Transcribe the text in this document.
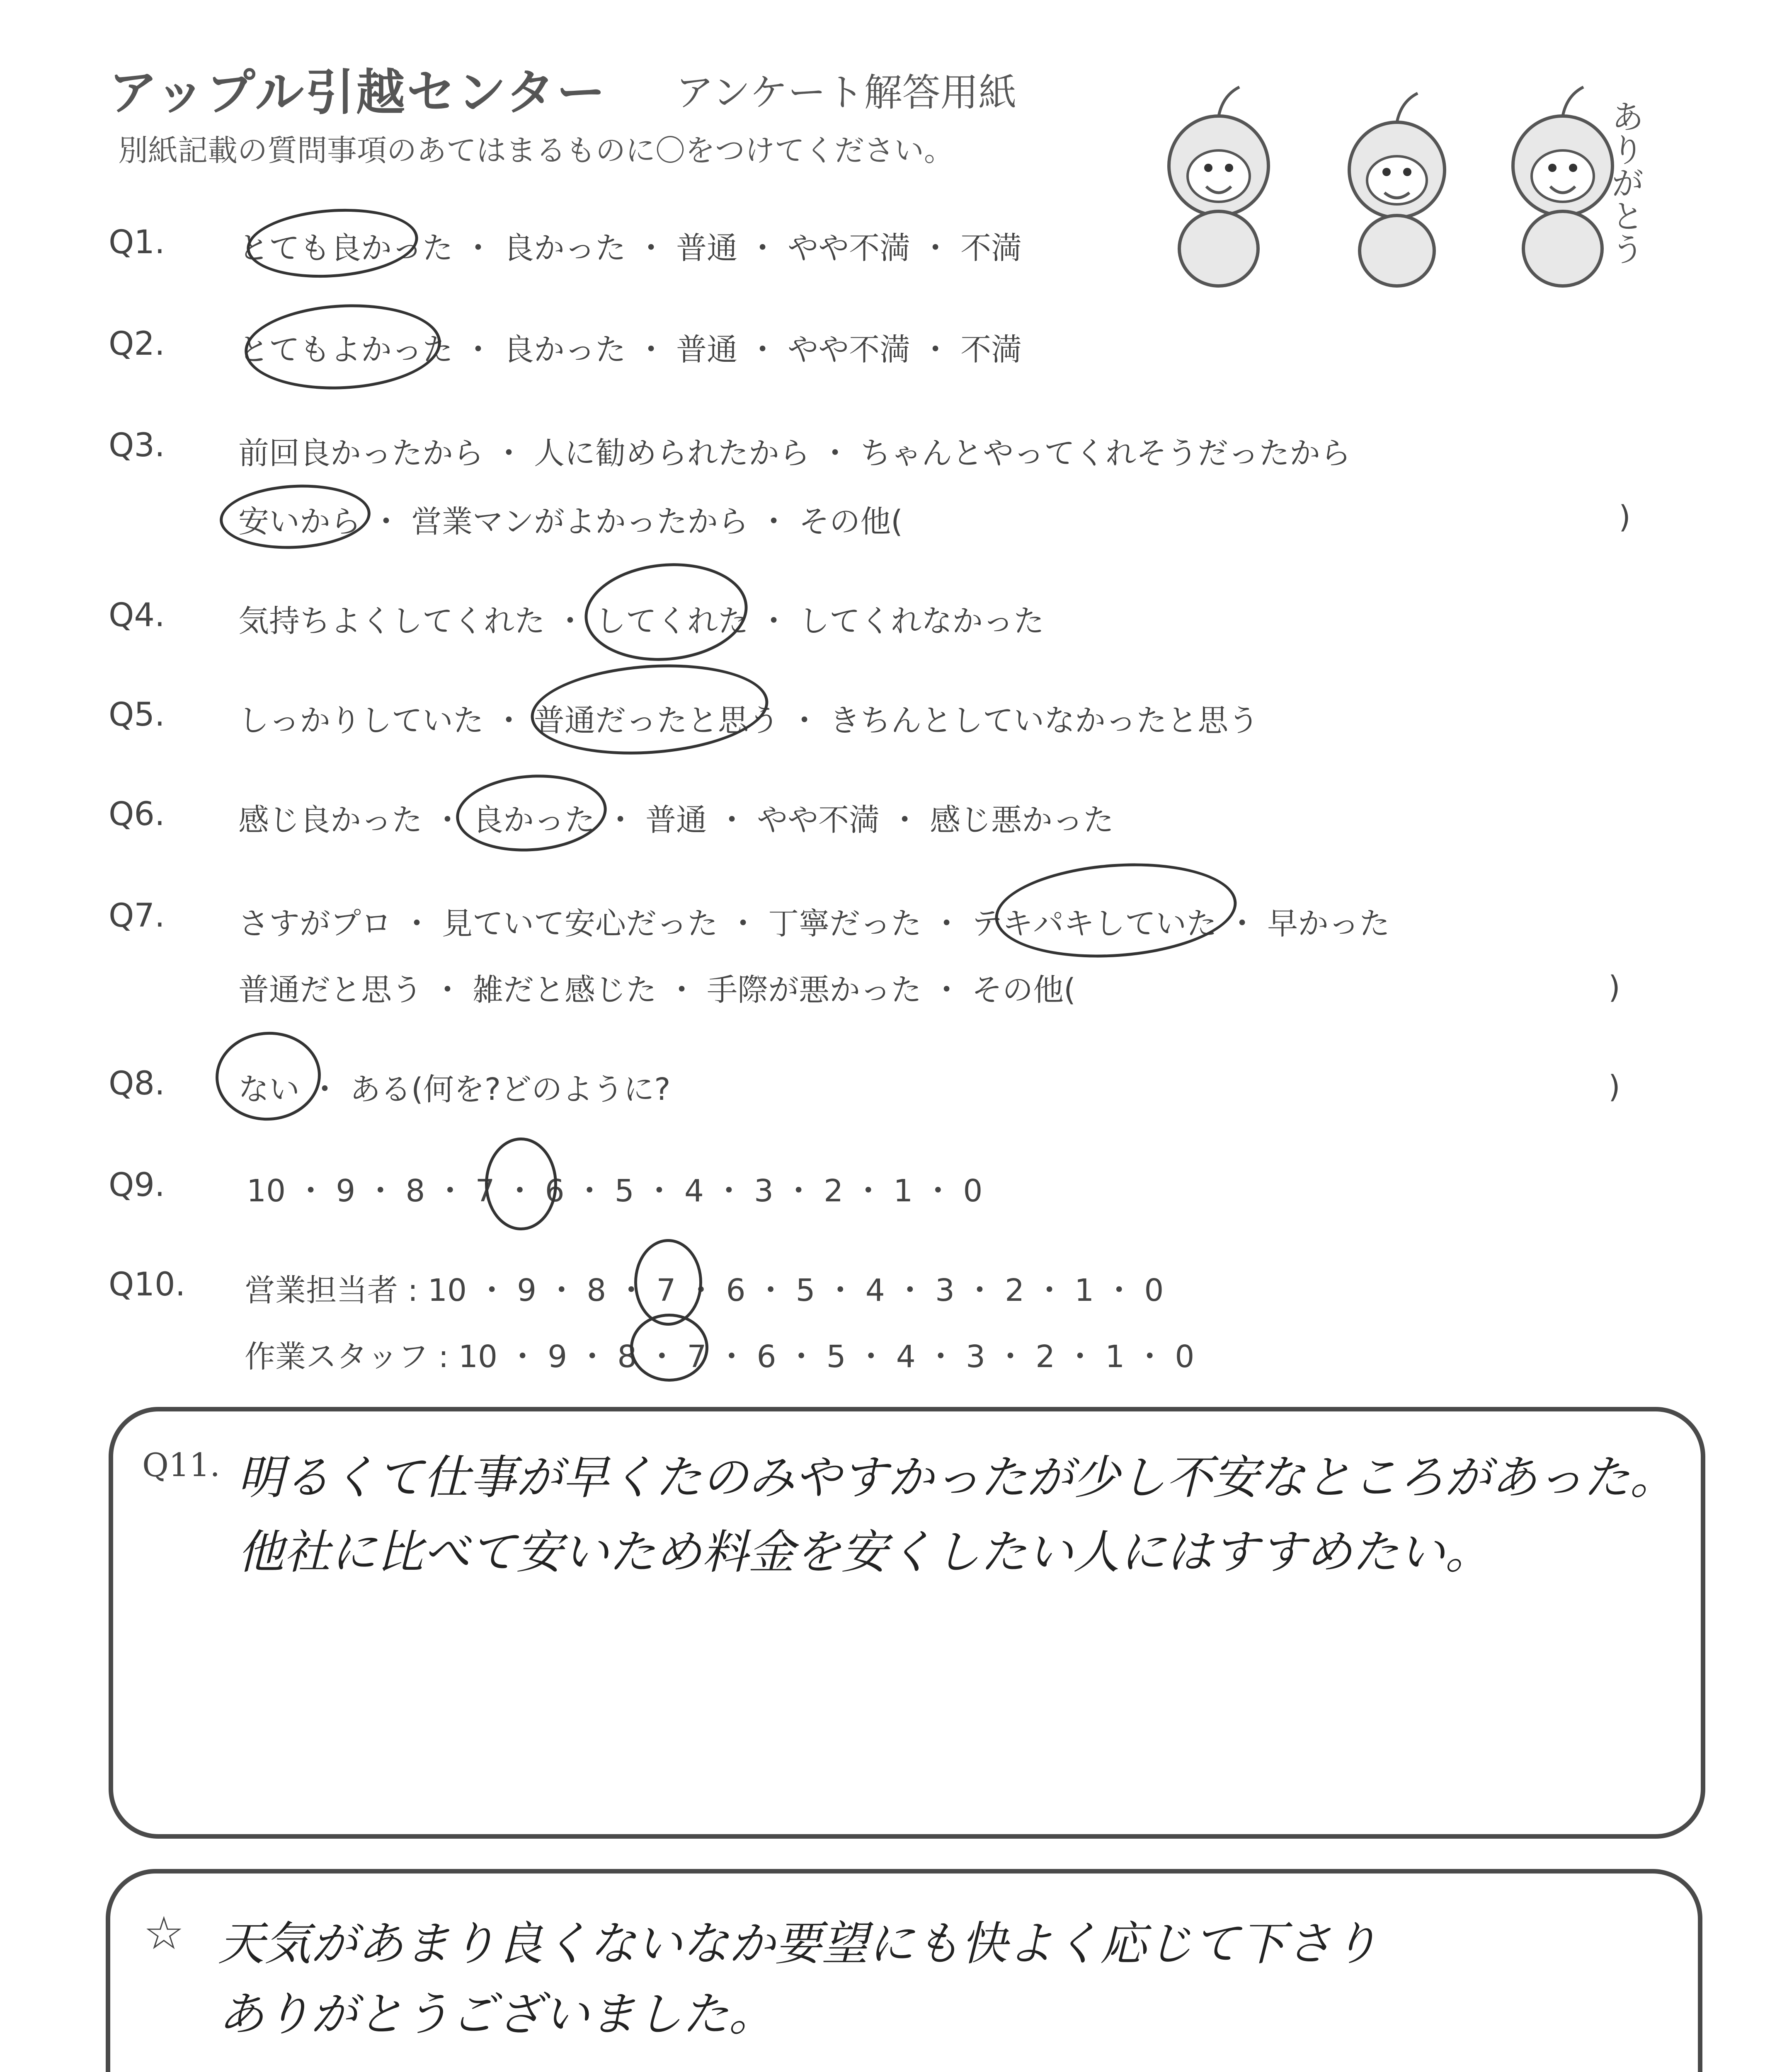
アップル引越センター アンケート解答用紙
別紙記載の質問事項のあてはまるものに〇をつけてください。	ありがとう
Q1. とても良かった ・ 良かった ・ 普通 ・ やや不満 ・ 不満
Q2. とてもよかった ・ 良かった ・ 普通 ・ やや不満 ・ 不満
Q3. 前回良かったから ・ 人に勧められたから ・ ちゃんとやってくれそうだったから
安いから ・ 営業マンがよかったから ・ その他(	)
Q4. 気持ちよくしてくれた ・ してくれた ・ してくれなかった
Q5. しっかりしていた ・ 普通だったと思う ・ きちんとしていなかったと思う
Q6. 感じ良かった ・ 良かった ・ 普通 ・ やや不満 ・ 感じ悪かった
Q7. さすがプロ ・ 見ていて安心だった ・ 丁寧だった ・ テキパキしていた ・ 早かった
普通だと思う ・ 雑だと感じた ・ 手際が悪かった ・ その他(	)
Q8. ない ・ ある(何を?どのように?	)
Q9.	10 ・ 9 ・ 8 ・ 7 ・ 6 ・ 5 ・ 4 ・ 3 ・ 2 ・ 1 ・ 0
Q10. 営業担当者 : 10 ・ 9 ・ 8 ・ 7 ・ 6 ・ 5 ・ 4 ・ 3 ・ 2 ・ 1 ・ 0
作業スタッフ : 10 ・ 9 ・ 8 ・ 7 ・ 6 ・ 5 ・ 4 ・ 3 ・ 2 ・ 1 ・ 0
Q11. 明るくて仕事が早くたのみやすかったが少し不安なところがあった。
他社に比べて安いため料金を安くしたい人にはすすめたい。
☆ 天気があまり良くないなか要望にも快よく応じて下さり
ありがとうございました。
